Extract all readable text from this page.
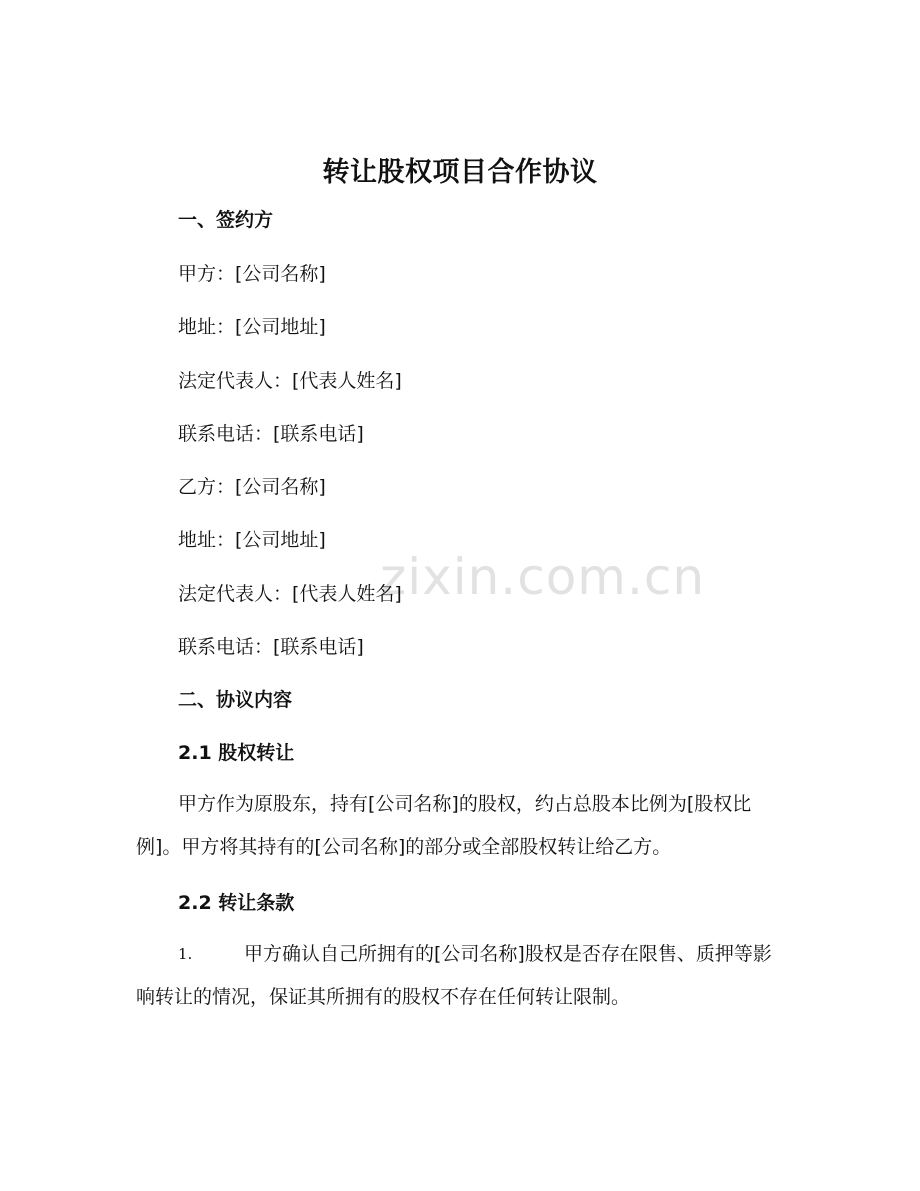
zixin.com.cn
转让股权项目合作协议
一、签约方
甲方：[公司名称]
地址：[公司地址]
法定代表人：[代表人姓名]
联系电话：[联系电话]
乙方：[公司名称]
地址：[公司地址]
法定代表人：[代表人姓名]
联系电话：[联系电话]
二、协议内容
2.1 股权转让
甲方作为原股东，持有[公司名称]的股权，约占总股本比例为[股权比例]。甲方将其持有的[公司名称]的部分或全部股权转让给乙方。
2.2 转让条款
1.	甲方确认自己所拥有的[公司名称]股权是否存在限售、质押等影响转让的情况，保证其所拥有的股权不存在任何转让限制。
